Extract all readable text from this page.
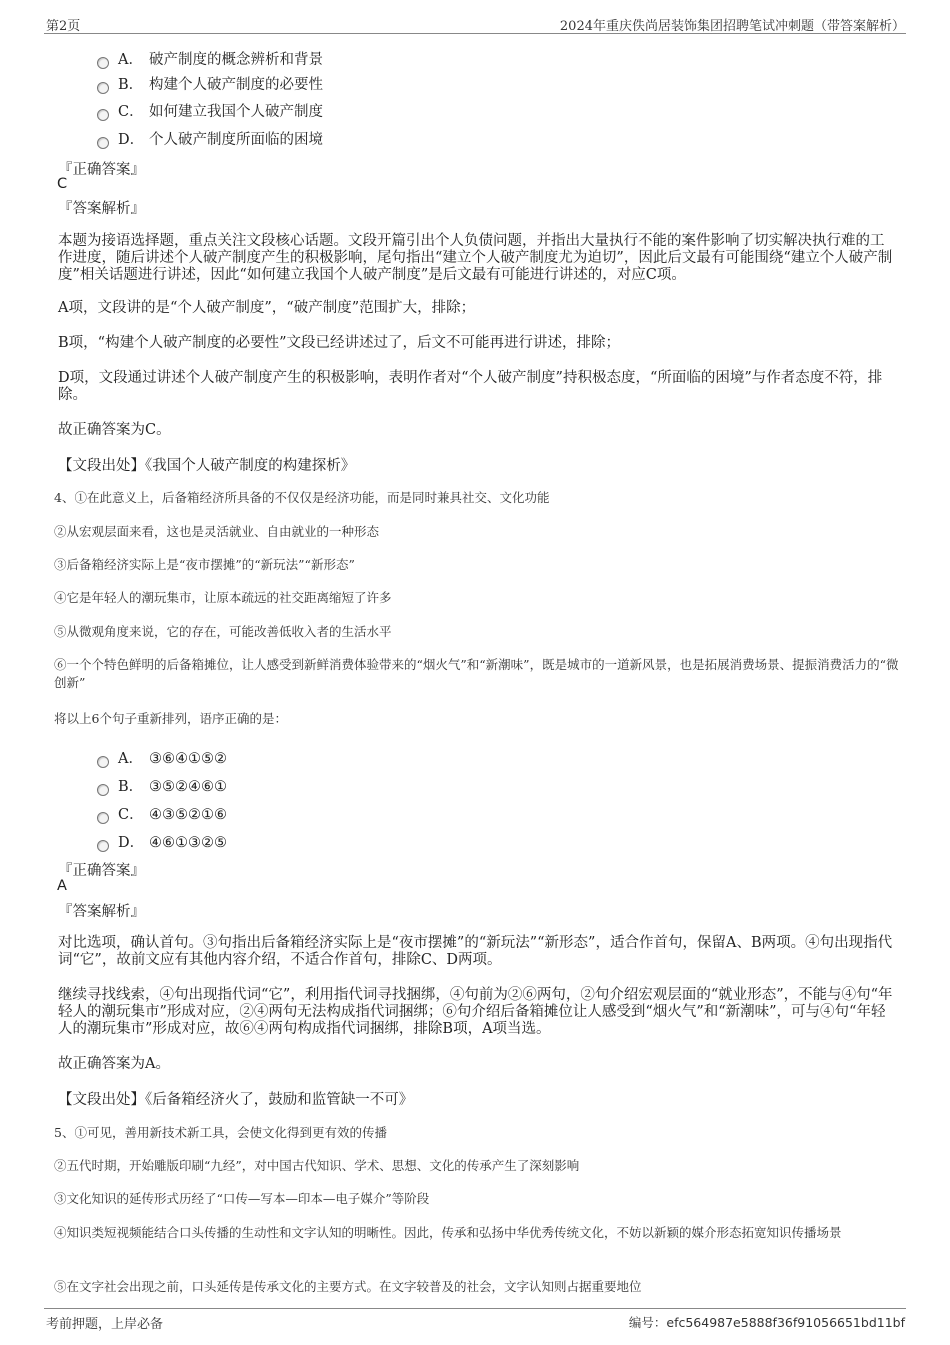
第2页	2024年重庆佚尚居装饰集团招聘笔试冲刺题（带答案解析）
A． 破产制度的概念辨析和背景
B． 构建个人破产制度的必要性
C． 如何建立我国个人破产制度
D． 个人破产制度所面临的困境
『正确答案』
C
『答案解析』

本题为接语选择题，重点关注文段核心话题。文段开篇引出个人负债问题，并指出大量执行不能的案件影响了切实解决执行难的工作进度，随后讲述个人破产制度产生的积极影响，尾句指出“建立个人破产制度尤为迫切”，因此后文最有可能围绕“建立个人破产制度”相关话题进行讲述，因此“如何建立我国个人破产制度”是后文最有可能进行讲述的，对应C项。

A项，文段讲的是“个人破产制度”，“破产制度”范围扩大，排除；

B项，“构建个人破产制度的必要性”文段已经讲述过了，后文不可能再进行讲述，排除；

D项，文段通过讲述个人破产制度产生的积极影响，表明作者对“个人破产制度”持积极态度，“所面临的困境”与作者态度不符，排除。

故正确答案为C。

【文段出处】《我国个人破产制度的构建探析》

4、①在此意义上，后备箱经济所具备的不仅仅是经济功能，而是同时兼具社交、文化功能

②从宏观层面来看，这也是灵活就业、自由就业的一种形态

③后备箱经济实际上是“夜市摆摊”的“新玩法”“新形态”

④它是年轻人的潮玩集市，让原本疏远的社交距离缩短了许多

⑤从微观角度来说，它的存在，可能改善低收入者的生活水平

⑥一个个特色鲜明的后备箱摊位，让人感受到新鲜消费体验带来的“烟火气”和“新潮味”，既是城市的一道新风景，也是拓展消费场景、提振消费活力的“微创新”

将以上6个句子重新排列，语序正确的是：

A． ③⑥④①⑤②
B． ③⑤②④⑥①
C． ④③⑤②①⑥
D． ④⑥①③②⑤
『正确答案』
A
『答案解析』

对比选项，确认首句。③句指出后备箱经济实际上是“夜市摆摊”的“新玩法”“新形态”，适合作首句，保留A、B两项。④句出现指代词“它”，故前文应有其他内容介绍，不适合作首句，排除C、D两项。

继续寻找线索，④句出现指代词“它”，利用指代词寻找捆绑，④句前为②⑥两句，②句介绍宏观层面的“就业形态”，不能与④句“年轻人的潮玩集市”形成对应，②④两句无法构成指代词捆绑；⑥句介绍后备箱摊位让人感受到“烟火气”和“新潮味”，可与④句“年轻人的潮玩集市”形成对应，故⑥④两句构成指代词捆绑，排除B项，A项当选。

故正确答案为A。

【文段出处】《后备箱经济火了，鼓励和监管缺一不可》

5、①可见，善用新技术新工具，会使文化得到更有效的传播

②五代时期，开始雕版印刷“九经”，对中国古代知识、学术、思想、文化的传承产生了深刻影响

③文化知识的延传形式历经了“口传—写本—印本—电子媒介”等阶段

④知识类短视频能结合口头传播的生动性和文字认知的明晰性。因此，传承和弘扬中华优秀传统文化，不妨以新颖的媒介形态拓宽知识传播场景

⑤在文字社会出现之前，口头延传是传承文化的主要方式。在文字较普及的社会，文字认知则占据重要地位

考前押题，上岸必备	编号：efc564987e5888f36f91056651bd11bf
